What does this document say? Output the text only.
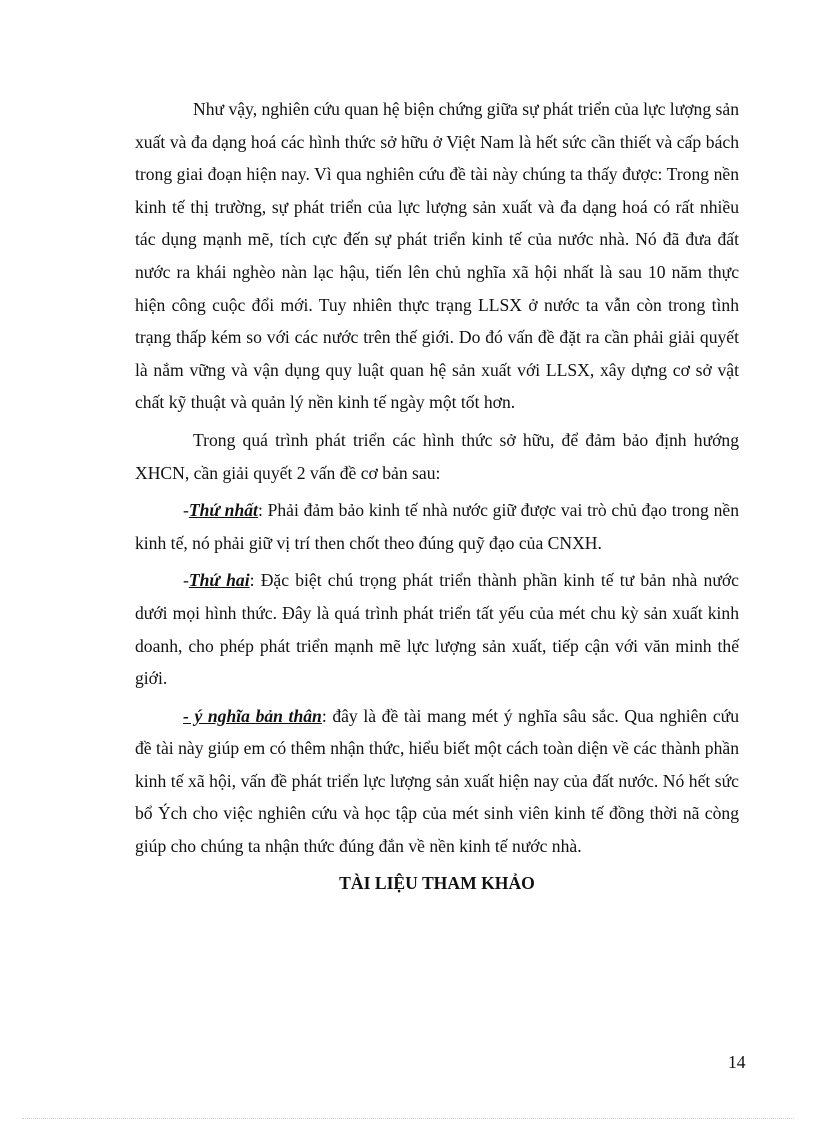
Như vậy, nghiên cứu quan hệ biện chứng giữa sự phát triển của lực lượng sản xuất và đa dạng hoá các hình thức sở hữu ở Việt Nam là hết sức cần thiết và cấp bách trong giai đoạn hiện nay. Vì qua nghiên cứu đề tài này chúng ta thấy được: Trong nền kinh tế thị trường, sự phát triển của lực lượng sản xuất và đa dạng hoá có rất nhiều tác dụng mạnh mẽ, tích cực đến sự phát triển kinh tế của nước nhà. Nó đã đưa đất nước ra khái nghèo nàn lạc hậu, tiến lên chủ nghĩa xã hội nhất là sau 10 năm thực hiện công cuộc đổi mới. Tuy nhiên thực trạng LLSX ở nước ta vẫn còn trong tình trạng thấp kém so với các nước trên thế giới. Do đó vấn đề đặt ra cần phải giải quyết là nắm vững và vận dụng quy luật quan hệ sản xuất với LLSX, xây dựng cơ sở vật chất kỹ thuật và quản lý nền kinh tế ngày một tốt hơn.

Trong quá trình phát triển các hình thức sở hữu, để đảm bảo định hướng XHCN, cần giải quyết 2 vấn đề cơ bản sau:

-Thứ nhất: Phải đảm bảo kinh tế nhà nước giữ được vai trò chủ đạo trong nền kinh tế, nó phải giữ vị trí then chốt theo đúng quỹ đạo của CNXH.

-Thứ hai: Đặc biệt chú trọng phát triển thành phần kinh tế tư bản nhà nước dưới mọi hình thức. Đây là quá trình phát triển tất yếu của mét chu kỳ sản xuất kinh doanh, cho phép phát triển mạnh mẽ lực lượng sản xuất, tiếp cận với văn minh thế giới.

- ý nghĩa bản thân: đây là đề tài mang mét ý nghĩa sâu sắc. Qua nghiên cứu đề tài này giúp em có thêm nhận thức, hiểu biết một cách toàn diện về các thành phần kinh tế xã hội, vấn đề phát triển lực lượng sản xuất hiện nay của đất nước. Nó hết sức bổ Ých cho việc nghiên cứu và học tập của mét sinh viên kinh tế đồng thời nã còng giúp cho chúng ta nhận thức đúng đắn về nền kinh tế nước nhà.

TÀI LIỆU THAM KHẢO
14
